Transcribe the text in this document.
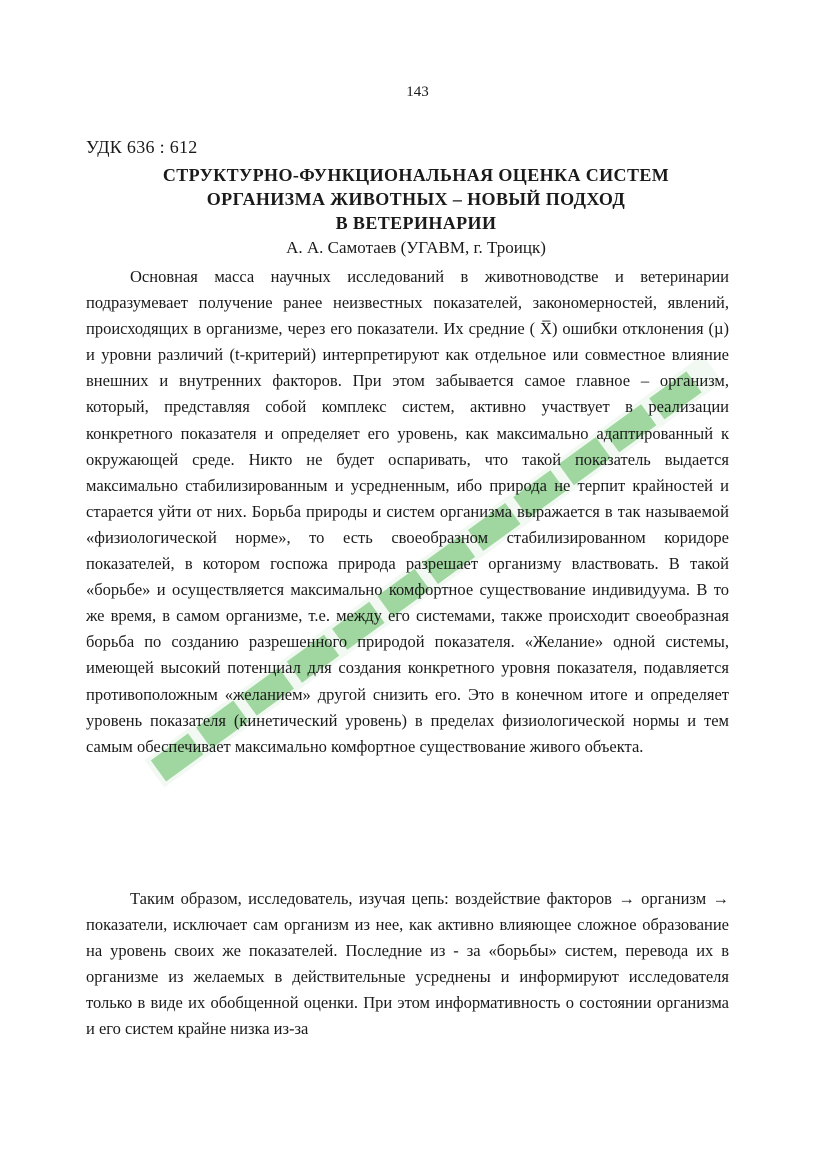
143
УДК 636 : 612
СТРУКТУРНО-ФУНКЦИОНАЛЬНАЯ ОЦЕНКА СИСТЕМ
ОРГАНИЗМА ЖИВОТНЫХ – НОВЫЙ ПОДХОД
В ВЕТЕРИНАРИИ
А. А. Самотаев (УГАВМ, г. Троицк)

Основная масса научных исследований в животноводстве и ветеринарии подразумевает получение ранее неизвестных показателей, закономерностей, явлений, происходящих в организме, через его показатели. Их средние ( X̅) ошибки отклонения (µ) и уровни различий (t-критерий) интерпретируют как отдельное или совместное влияние внешних и внутренних факторов. При этом забывается самое главное – организм, который, представляя собой комплекс систем, активно участвует в реализации конкретного показателя и определяет его уровень, как максимально адаптированный к окружающей среде. Никто не будет оспаривать, что такой показатель выдается максимально стабилизированным и усредненным, ибо природа не терпит крайностей и старается уйти от них. Борьба природы и систем организма выражается в так называемой «физиологической норме», то есть своеобразном стабилизированном коридоре показателей, в котором госпожа природа разрешает организму властвовать. В такой «борьбе» и осуществляется максимально комфортное существование индивидуума. В то же время, в самом организме, т.е. между его системами, также происходит своеобразная борьба по созданию разрешенного природой показателя. «Желание» одной системы, имеющей высокий потенциал для создания конкретного уровня показателя, подавляется противоположным «желанием» другой снизить его. Это в конечном итоге и определяет уровень показателя (кинетический уровень) в пределах физиологической нормы и тем самым обеспечивает максимально комфортное существование живого объекта.

Таким образом, исследователь, изучая цепь: воздействие факторов → организм → показатели, исключает сам организм из нее, как активно влияющее сложное образование на уровень своих же показателей. Последние из - за «борьбы» систем, перевода их в организме из желаемых в действительные усреднены и информируют исследователя только в виде их обобщенной оценки. При этом информативность о состоянии организма и его систем крайне низка из-за
